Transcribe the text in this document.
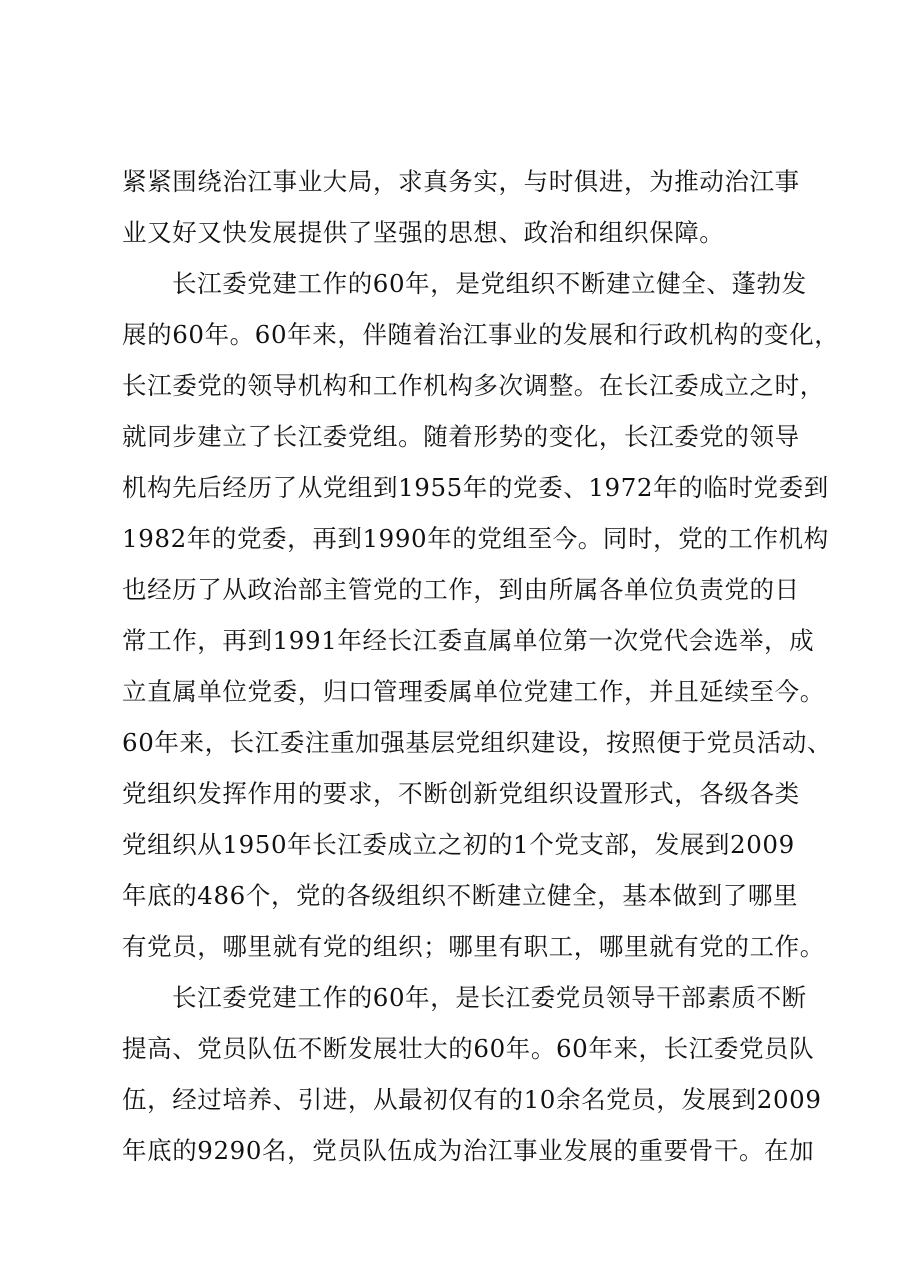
紧紧围绕治江事业大局，求真务实，与时俱进，为推动治江事
业又好又快发展提供了坚强的思想、政治和组织保障。
长江委党建工作的60年，是党组织不断建立健全、蓬勃发
展的60年。60年来，伴随着治江事业的发展和行政机构的变化，
长江委党的领导机构和工作机构多次调整。在长江委成立之时，
就同步建立了长江委党组。随着形势的变化，长江委党的领导
机构先后经历了从党组到1955年的党委、1972年的临时党委到
1982年的党委，再到1990年的党组至今。同时，党的工作机构
也经历了从政治部主管党的工作，到由所属各单位负责党的日
常工作，再到1991年经长江委直属单位第一次党代会选举，成
立直属单位党委，归口管理委属单位党建工作，并且延续至今。
60年来，长江委注重加强基层党组织建设，按照便于党员活动、
党组织发挥作用的要求，不断创新党组织设置形式，各级各类
党组织从1950年长江委成立之初的1个党支部，发展到2009
年底的486个，党的各级组织不断建立健全，基本做到了哪里
有党员，哪里就有党的组织；哪里有职工，哪里就有党的工作。
长江委党建工作的60年，是长江委党员领导干部素质不断
提高、党员队伍不断发展壮大的60年。60年来，长江委党员队
伍，经过培养、引进，从最初仅有的10余名党员，发展到2009
年底的9290名，党员队伍成为治江事业发展的重要骨干。在加
